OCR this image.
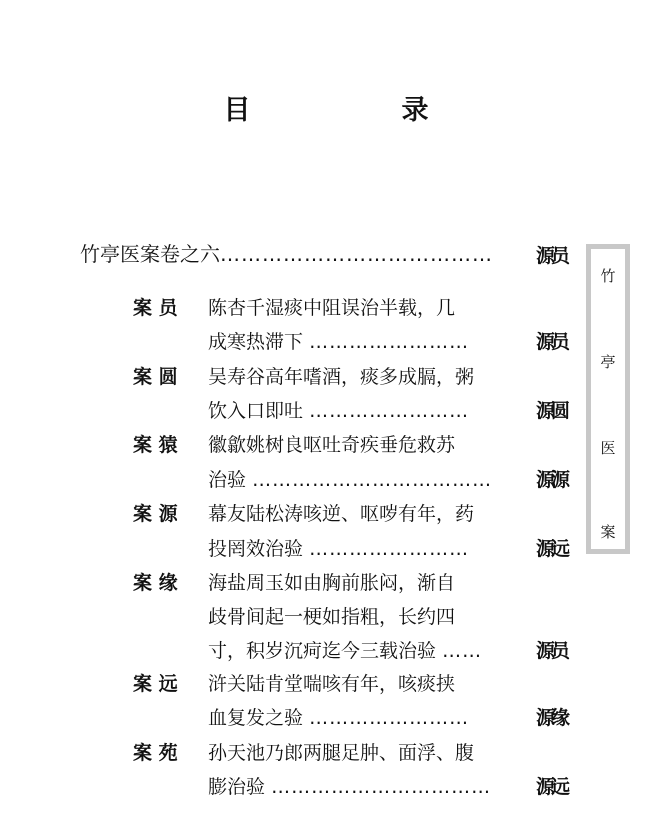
目　录
竹亭医案卷之六………………………………… 源员
案 员 陈杏千湿痰中阻误治半载，几
成寒热滞下 ……………………	源员
案 圆 吴寿谷高年嗜酒，痰多成膈，粥
饮入口即吐 ……………………	源圆
案 猿 徽歙姚树良呕吐奇疾垂危救苏
治验 ……………………………… 源源
案 源 幕友陆松涛咳逆、呕哕有年，药
投罔效治验 ……………………	源远
案 缘 海盐周玉如由胸前胀闷，渐自
歧骨间起一梗如指粗，长约四
寸，积岁沉疴迄今三载治验 ……	源员
案 远 浒关陆肯堂喘咳有年，咳痰挟
血复发之验 ……………………	源缘
案 苑 孙天池乃郎两腿足肿、面浮、腹
膨治验 …………………………… 源远
竹
亭
医
案
